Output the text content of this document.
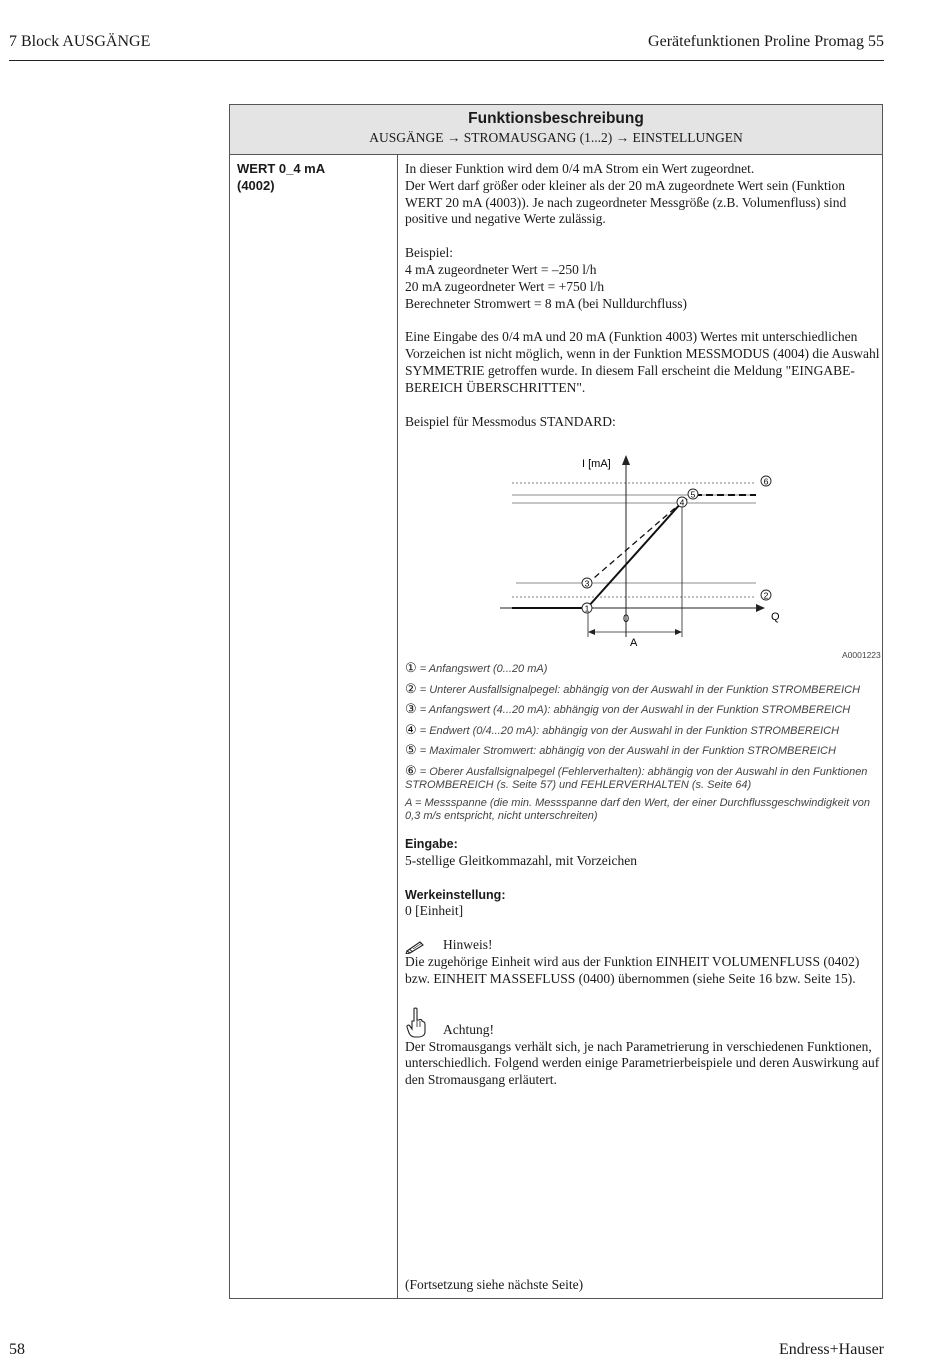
7 Block AUSGÄNGE	Gerätefunktionen Proline Promag 55
Funktionsbeschreibung
AUSGÄNGE → STROMAUSGANG (1...2) → EINSTELLUNGEN
WERT 0_4 mA
(4002)

In dieser Funktion wird dem 0/4 mA Strom ein Wert zugeordnet.

Der Wert darf größer oder kleiner als der 20 mA zugeordnete Wert sein (Funktion WERT 20 mA (4003)). Je nach zugeordneter Messgröße (z.B. Volumenfluss) sind positive und negative Werte zulässig.

Beispiel:

4 mA zugeordneter Wert = –250 l/h

20 mA zugeordneter Wert = +750 l/h

Berechneter Stromwert = 8 mA (bei Nulldurchfluss)

Eine Eingabe des 0/4 mA und 20 mA (Funktion 4003) Wertes mit unterschiedlichen Vorzeichen ist nicht möglich, wenn in der Funktion MESSMODUS (4004) die Auswahl SYMMETRIE getroffen wurde. In diesem Fall erscheint die Meldung "EINGABE-BEREICH ÜBERSCHRITTEN".

Beispiel für Messmodus STANDARD:

1
2
3
4
5
6
I [mA]
Q
0
A
A0001223
① = Anfangswert (0...20 mA)
② = Unterer Ausfallsignalpegel: abhängig von der Auswahl in der Funktion STROMBEREICH
③ = Anfangswert (4...20 mA): abhängig von der Auswahl in der Funktion STROMBEREICH
④ = Endwert (0/4...20 mA): abhängig von der Auswahl in der Funktion STROMBEREICH
⑤ = Maximaler Stromwert: abhängig von der Auswahl in der Funktion STROMBEREICH
⑥ = Oberer Ausfallsignalpegel (Fehlerverhalten): abhängig von der Auswahl in den Funktionen STROMBEREICH (s. Seite 57) und FEHLERVERHALTEN (s. Seite 64)
A = Messspanne (die min. Messspanne darf den Wert, der einer Durchflussgeschwindigkeit von 0,3 m/s entspricht, nicht unterschreiten)

Eingabe:

5-stellige Gleitkommazahl, mit Vorzeichen

Werkeinstellung:

0 [Einheit]

Hinweis!

Die zugehörige Einheit wird aus der Funktion EINHEIT VOLUMENFLUSS (0402) bzw. EINHEIT MASSEFLUSS (0400) übernommen (siehe Seite 16 bzw. Seite 15).

Achtung!

Der Stromausgangs verhält sich, je nach Parametrierung in verschiedenen Funktionen, unterschiedlich. Folgend werden einige Parametrierbeispiele und deren Auswirkung auf den Stromausgang erläutert.

(Fortsetzung siehe nächste Seite)
58	Endress+Hauser
